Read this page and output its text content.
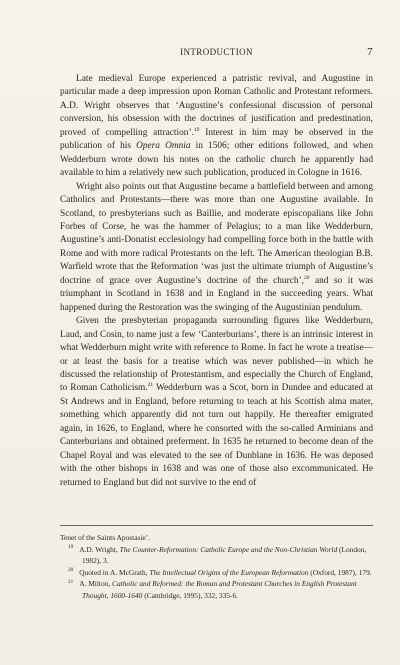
INTRODUCTION	7

Late medieval Europe experienced a patristic revival, and Augustine in particular made a deep impression upon Roman Catholic and Protestant reformers. A.D. Wright observes that ‘Augustine’s confessional discussion of personal conversion, his obsession with the doctrines of justification and predestination, proved of compelling attraction’.$^{19}$ Interest in him may be observed in the publication of his Opera Omnia in 1506; other editions followed, and when Wedderburn wrote down his notes on the catholic church he apparently had available to him a relatively new such publication, produced in Cologne in 1616.

Wright also points out that Augustine became a battlefield between and among Catholics and Protestants—there was more than one Augustine available. In Scotland, to presbyterians such as Baillie, and moderate episcopalians like John Forbes of Corse, he was the hammer of Pelagius; to a man like Wedderburn, Augustine’s anti-Donatist ecclesiology had compelling force both in the battle with Rome and with more radical Protestants on the left. The American theologian B.B. Warfield wrote that the Reformation ‘was just the ultimate triumph of Augustine’s doctrine of grace over Augustine’s doctrine of the church’,$^{20}$ and so it was triumphant in Scotland in 1638 and in England in the succeeding years. What happened during the Restoration was the swinging of the Augustinian pendulum.

Given the presbyterian propaganda surrounding figures like Wedderburn, Laud, and Cosin, to name just a few ‘Canterburians’, there is an intrinsic interest in what Wedderburn might write with reference to Rome. In fact he wrote a treatise—or at least the basis for a treatise which was never published—in which he discussed the relationship of Protestantism, and especially the Church of England, to Roman Catholicism.$^{21}$ Wedderburn was a Scot, born in Dundee and educated at St Andrews and in England, before returning to teach at his Scottish alma mater, something which apparently did not turn out happily. He thereafter emigrated again, in 1626, to England, where he consorted with the so-called Arminians and Canterburians and obtained preferment. In 1635 he returned to become dean of the Chapel Royal and was elevated to the see of Dunblane in 1636. He was deposed with the other bishops in 1638 and was one of those also excommunicated. He returned to England but did not survive to the end of

Tenet of the Saints Apostasie’.

$^{19}$ A.D. Wright, The Counter-Reformation: Catholic Europe and the Non-Christian World (London, 1982), 3.

$^{20}$ Quoted in A. McGrath, The Intellectual Origins of the European Reformation (Oxford, 1987), 179.

$^{21}$ A. Milton, Catholic and Reformed: the Roman and Protestant Churches in English Protestant Thought, 1600-1640 (Cambridge, 1995), 332, 335-6.
